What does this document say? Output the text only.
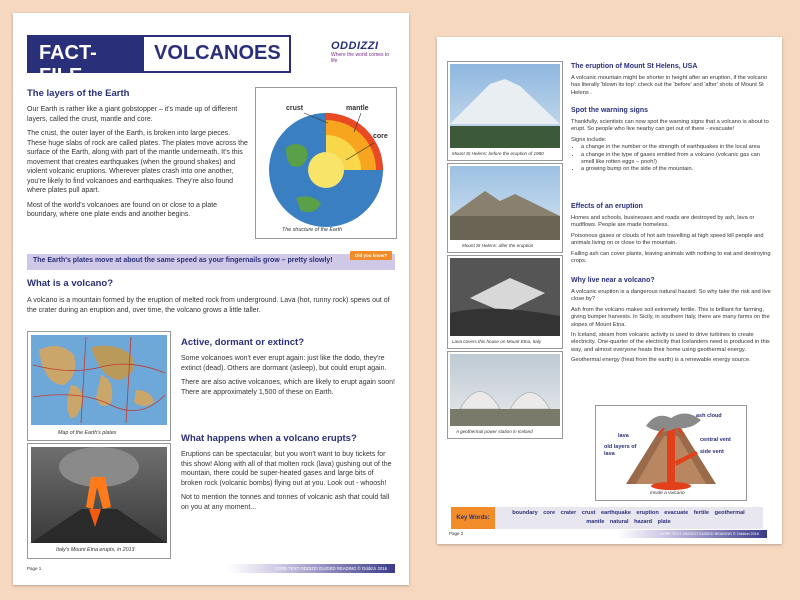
FACT-FILE
VOLCANOES	ODDIZZI
Where the world comes to life
The layers of the Earth

Our Earth is rather like a giant gobstopper – it's made up of different layers, called the crust, mantle and core.

The crust, the outer layer of the Earth, is broken into large pieces. These huge slabs of rock are called plates. The plates move across the surface of the Earth, along with part of the mantle underneath. It's this movement that creates earthquakes (when the ground shakes) and violent volcanic eruptions. Wherever plates crash into one another, you're likely to find volcanoes and earthquakes. They're also found where plates pull apart.

Most of the world's volcanoes are found on or close to a plate boundary, where one plate ends and another begins.

crust	mantle
core
The structure of the Earth
The Earth's plates move at about the same speed as your fingernails grow – pretty slowly!
Did you know?
What is a volcano?
A volcano is a mountain formed by the eruption of melted rock from underground. Lava (hot, runny rock) spews out of the crater during an eruption and, over time, the volcano grows a little taller.
Map of the Earth's plates
Italy's Mount Etna erupts, in 2013
Active, dormant or extinct?

Some volcanoes won't ever erupt again: just like the dodo, they're extinct (dead). Others are dormant (asleep), but could erupt again.

There are also active volcanoes, which are likely to erupt again soon! There are approximately 1,500 of these on Earth.

What happens when a volcano erupts?

Eruptions can be spectacular, but you won't want to buy tickets for this show! Along with all of that molten rock (lava) gushing out of the mountain, there could be super-heated gases and large bits of broken rock (volcanic bombs) flying out at you. Look out - whoosh!

Not to mention the tonnes and tonnes of volcanic ash that could fall on you at any moment...

Page 1	CORE TEXT ODDIZZI GUIDED READING © Oddizzi 2016
Mount St Helens: before the eruption of 1980
Mount St Helens: after the eruption
Lava covers this house on Mount Etna, Italy
A geothermal power station in Iceland
The eruption of Mount St Helens, USA
A volcanic mountain might be shorter in height after an eruption, if the volcano has literally 'blown its top': check out the 'before' and 'after' shots of Mount St Helens .
Spot the warning signs

Thankfully, scientists can now spot the warning signs that a volcano is about to erupt. So people who live nearby can get out of there - evacuate!

Signs include:

• a change in the number or the strength of earthquakes in the local area
• a change in the type of gases emitted from a volcano (volcanic gas can smell like rotten eggs – pooh!)
• a growing bump on the side of the mountain.
Effects of an eruption

Homes and schools, businesses and roads are destroyed by ash, lava or mudflows. People are made homeless.

Poisonous gases or clouds of hot ash travelling at high speed kill people and animals living on or close to the mountain.

Falling ash can cover plants, leaving animals with nothing to eat and destroying crops.

Why live near a volcano?

A volcanic eruption is a dangerous natural hazard. So why take the risk and live close by?

Ash from the volcano makes soil extremely fertile. This is brilliant for farming, giving bumper harvests. In Sicily, in southern Italy, there are many farms on the slopes of Mount Etna.

In Iceland, steam from volcanic activity is used to drive turbines to create electricity. One-quarter of the electricity that Icelanders need is produced in this way, and almost everyone heats their home using geothermal energy.

Geothermal energy (heat from the earth) is a renewable energy source.

ash cloud
lava
central vent
old layers of lava	side vent
Inside a volcano
Key Words:
boundary core crater crust earthquake eruption evacuate fertile geothermal mantle natural hazard plate
Page 2	CORE TEXT ODDIZZI GUIDED READING © Oddizzi 2016
